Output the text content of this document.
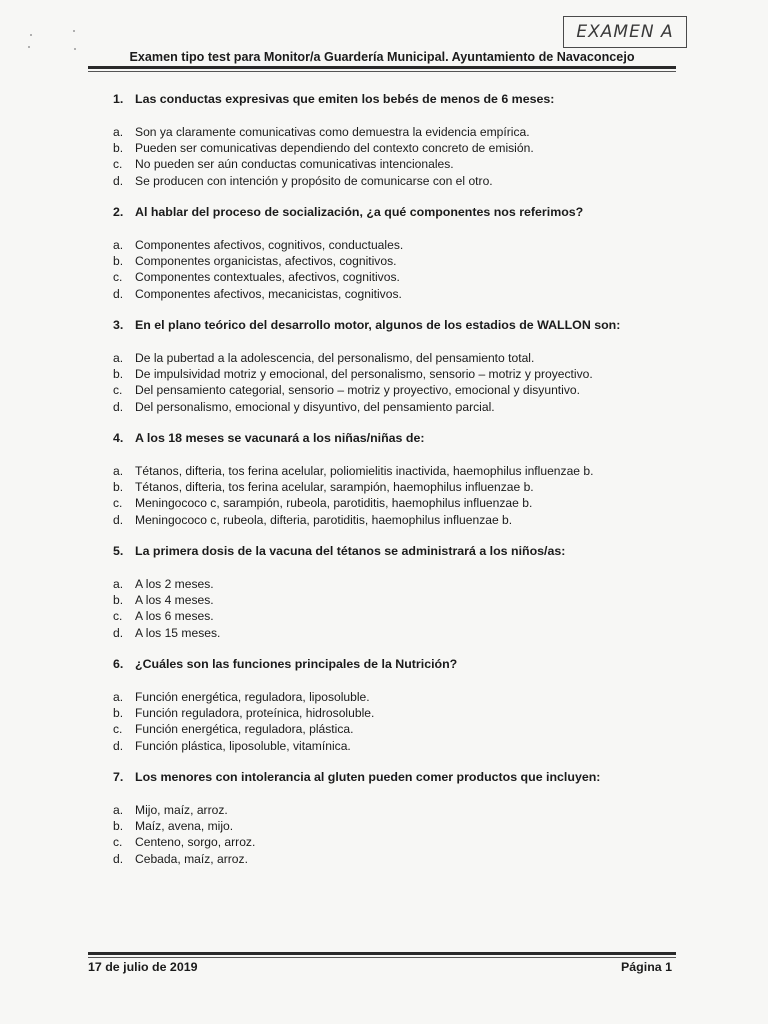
EXAMEN A
Examen tipo test para Monitor/a Guardería Municipal. Ayuntamiento de Navaconcejo
1. Las conductas expresivas que emiten los bebés de menos de 6 meses:
a. Son ya claramente comunicativas como demuestra la evidencia empírica.
b. Pueden ser comunicativas dependiendo del contexto concreto de emisión.
c.	No pueden ser aún conductas comunicativas intencionales.
d. Se producen con intención y propósito de comunicarse con el otro.
2. Al hablar del proceso de socialización, ¿a qué componentes nos referimos?
a. Componentes afectivos, cognitivos, conductuales.
b. Componentes organicistas, afectivos, cognitivos.
c.	Componentes contextuales, afectivos, cognitivos.
d. Componentes afectivos, mecanicistas, cognitivos.
3. En el plano teórico del desarrollo motor, algunos de los estadios de WALLON son:
a. De la pubertad a la adolescencia, del personalismo, del pensamiento total.
b. De impulsividad motriz y emocional, del personalismo, sensorio – motriz y proyectivo.
c.	Del pensamiento categorial, sensorio – motriz y proyectivo, emocional y disyuntivo.
d. Del personalismo, emocional y disyuntivo, del pensamiento parcial.
4. A los 18 meses se vacunará a los niñas/niñas de:
a. Tétanos, difteria, tos ferina acelular, poliomielitis inactivida, haemophilus influenzae b.
b. Tétanos, difteria, tos ferina acelular, sarampión, haemophilus influenzae b.
c.	Meningococo c, sarampión, rubeola, parotiditis, haemophilus influenzae b.
d. Meningococo c, rubeola, difteria, parotiditis, haemophilus influenzae b.
5. La primera dosis de la vacuna del tétanos se administrará a los niños/as:
a. A los 2 meses.
b. A los 4 meses.
c.	A los 6 meses.
d. A los 15 meses.
6. ¿Cuáles son las funciones principales de la Nutrición?
a. Función energética, reguladora, liposoluble.
b. Función reguladora, proteínica, hidrosoluble.
c.	Función energética, reguladora, plástica.
d. Función plástica, liposoluble, vitamínica.
7. Los menores con intolerancia al gluten pueden comer productos que incluyen:
a. Mijo, maíz, arroz.
b. Maíz, avena, mijo.
c.	Centeno, sorgo, arroz.
d. Cebada, maíz, arroz.
17 de julio de 2019	Página 1
